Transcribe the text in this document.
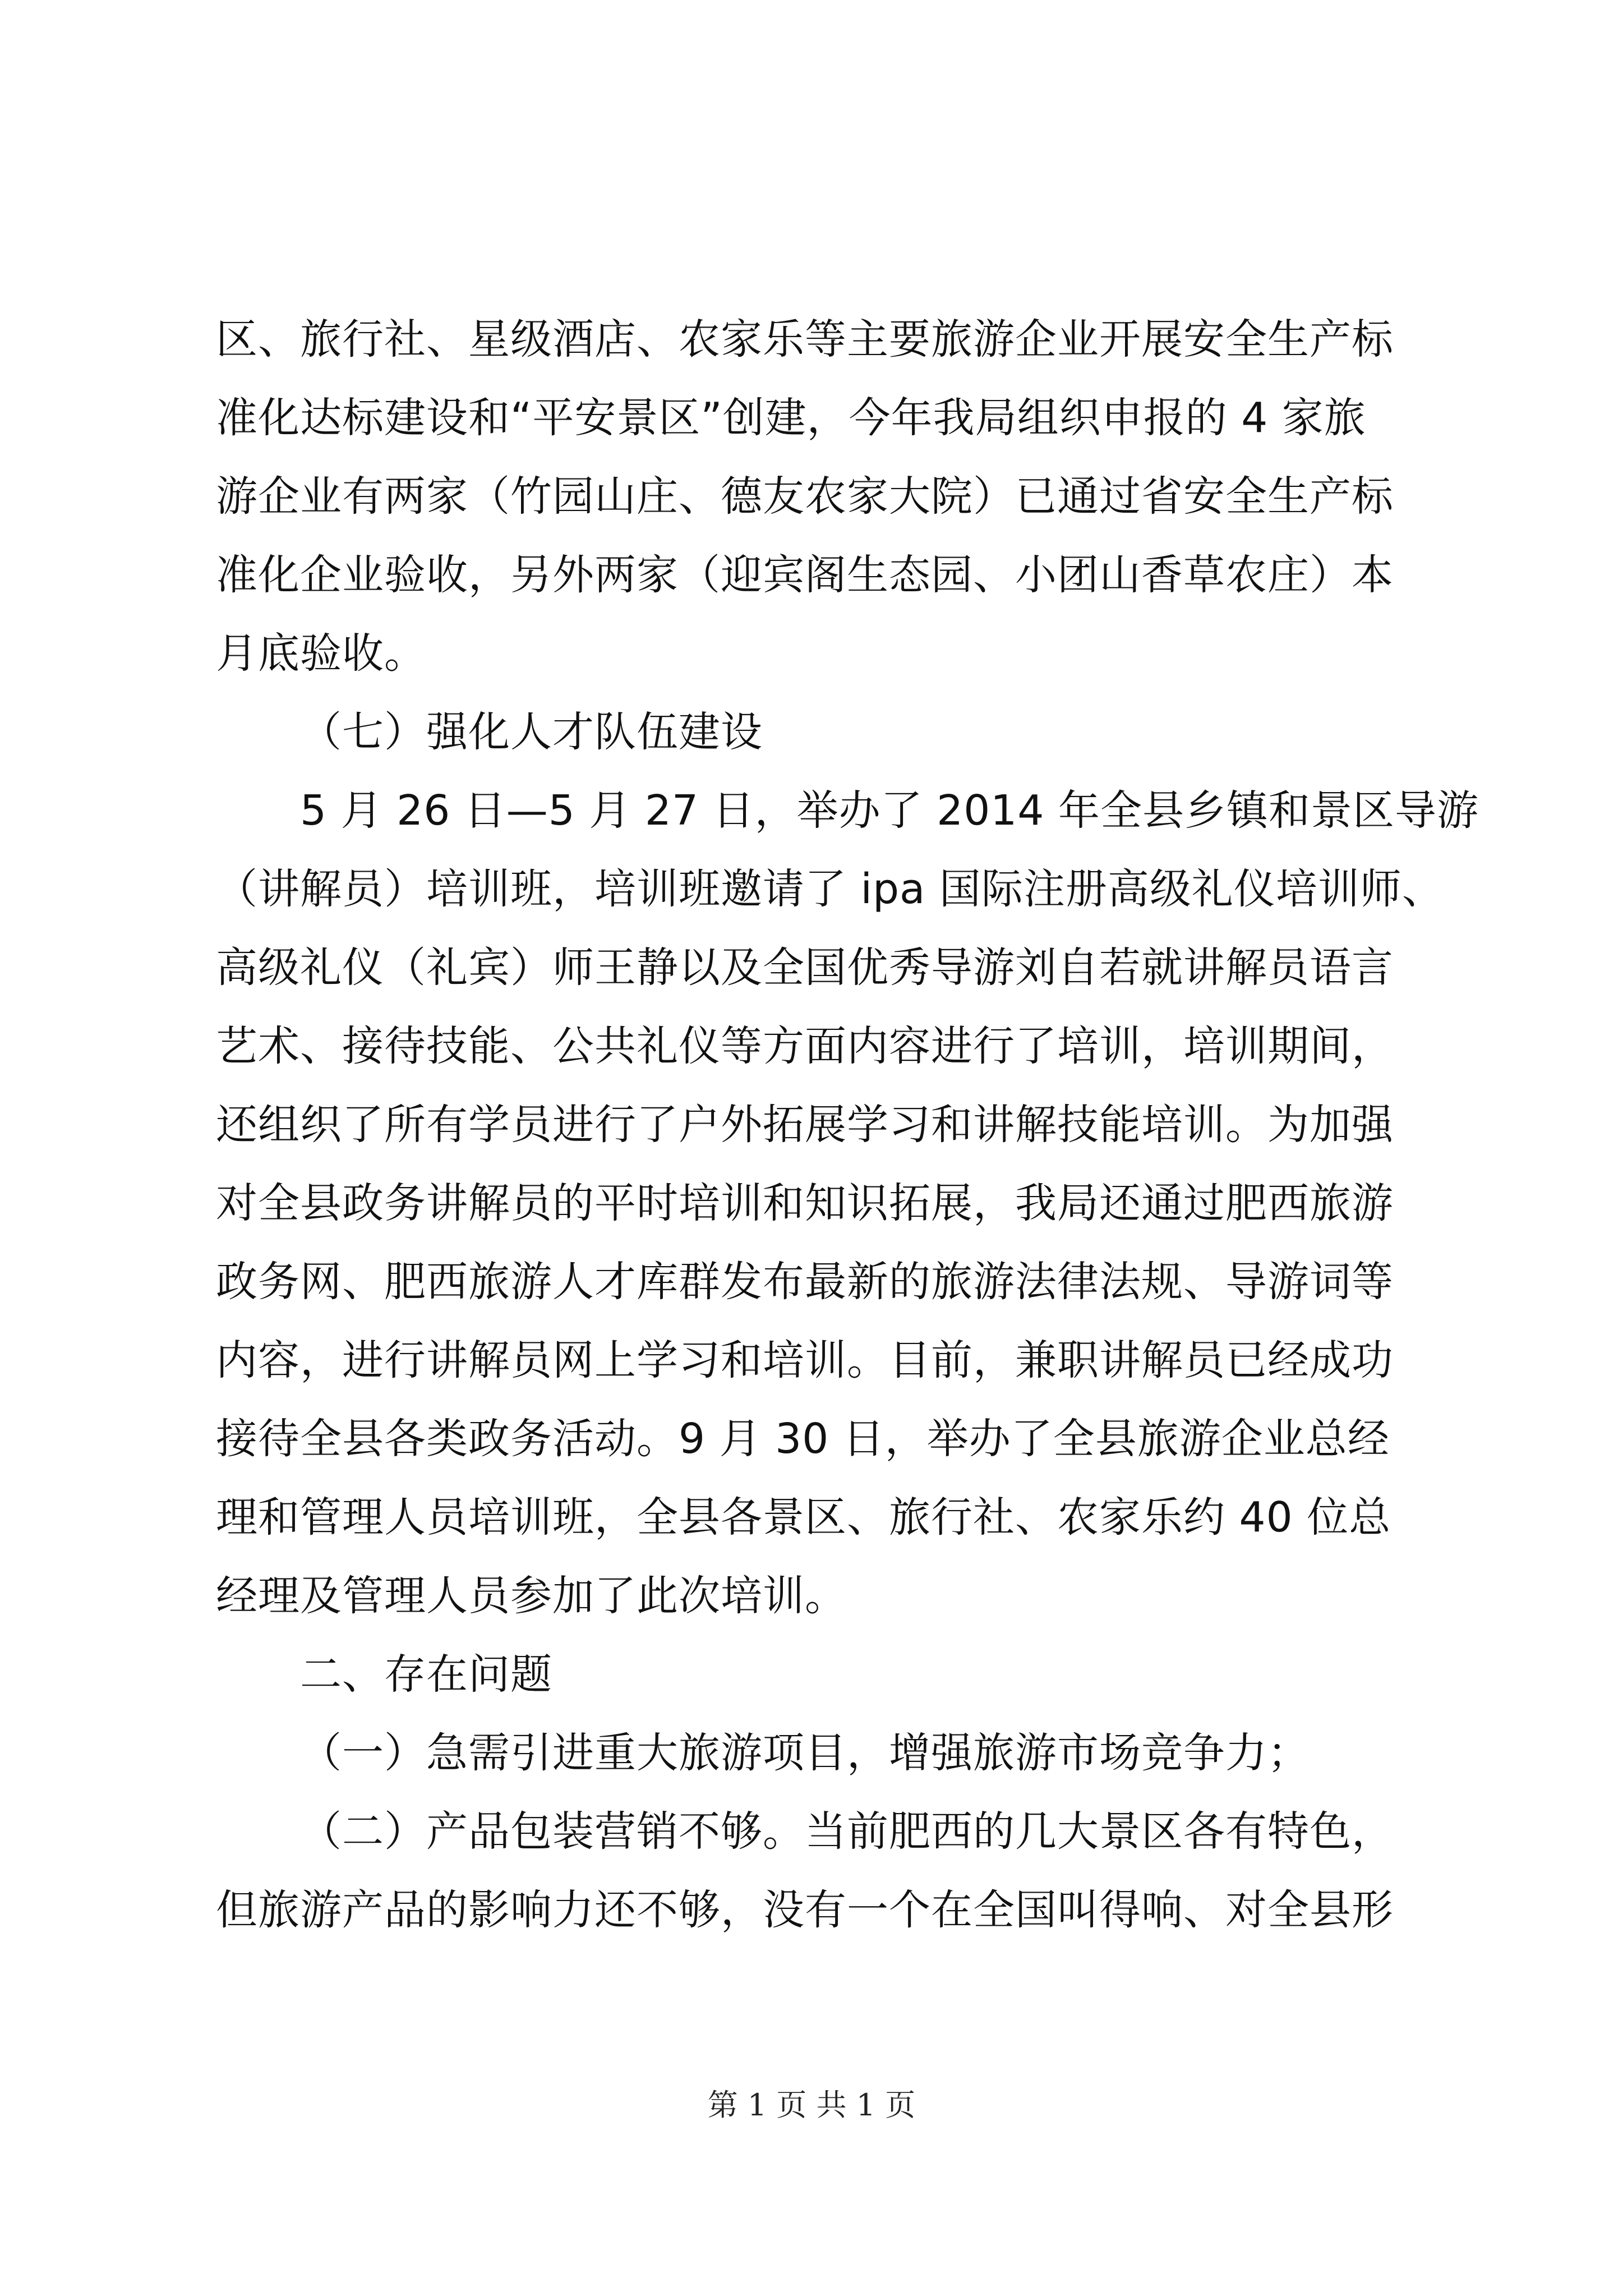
区、旅行社、星级酒店、农家乐等主要旅游企业开展安全生产标
准化达标建设和“平安景区”创建，今年我局组织申报的 4 家旅
游企业有两家（竹园山庄、德友农家大院）已通过省安全生产标
准化企业验收，另外两家（迎宾阁生态园、小团山香草农庄）本
月底验收。
（七）强化人才队伍建设
5 月 26 日—5 月 27 日，举办了 2014 年全县乡镇和景区导游
（讲解员）培训班，培训班邀请了 ipa 国际注册高级礼仪培训师、
高级礼仪（礼宾）师王静以及全国优秀导游刘自若就讲解员语言
艺术、接待技能、公共礼仪等方面内容进行了培训，培训期间，
还组织了所有学员进行了户外拓展学习和讲解技能培训。为加强
对全县政务讲解员的平时培训和知识拓展，我局还通过肥西旅游
政务网、肥西旅游人才库群发布最新的旅游法律法规、导游词等
内容，进行讲解员网上学习和培训。目前，兼职讲解员已经成功
接待全县各类政务活动。9 月 30 日，举办了全县旅游企业总经
理和管理人员培训班，全县各景区、旅行社、农家乐约 40 位总
经理及管理人员参加了此次培训。
二、存在问题
（一）急需引进重大旅游项目，增强旅游市场竞争力；
（二）产品包装营销不够。当前肥西的几大景区各有特色，
但旅游产品的影响力还不够，没有一个在全国叫得响、对全县形
第 1 页 共 1 页
